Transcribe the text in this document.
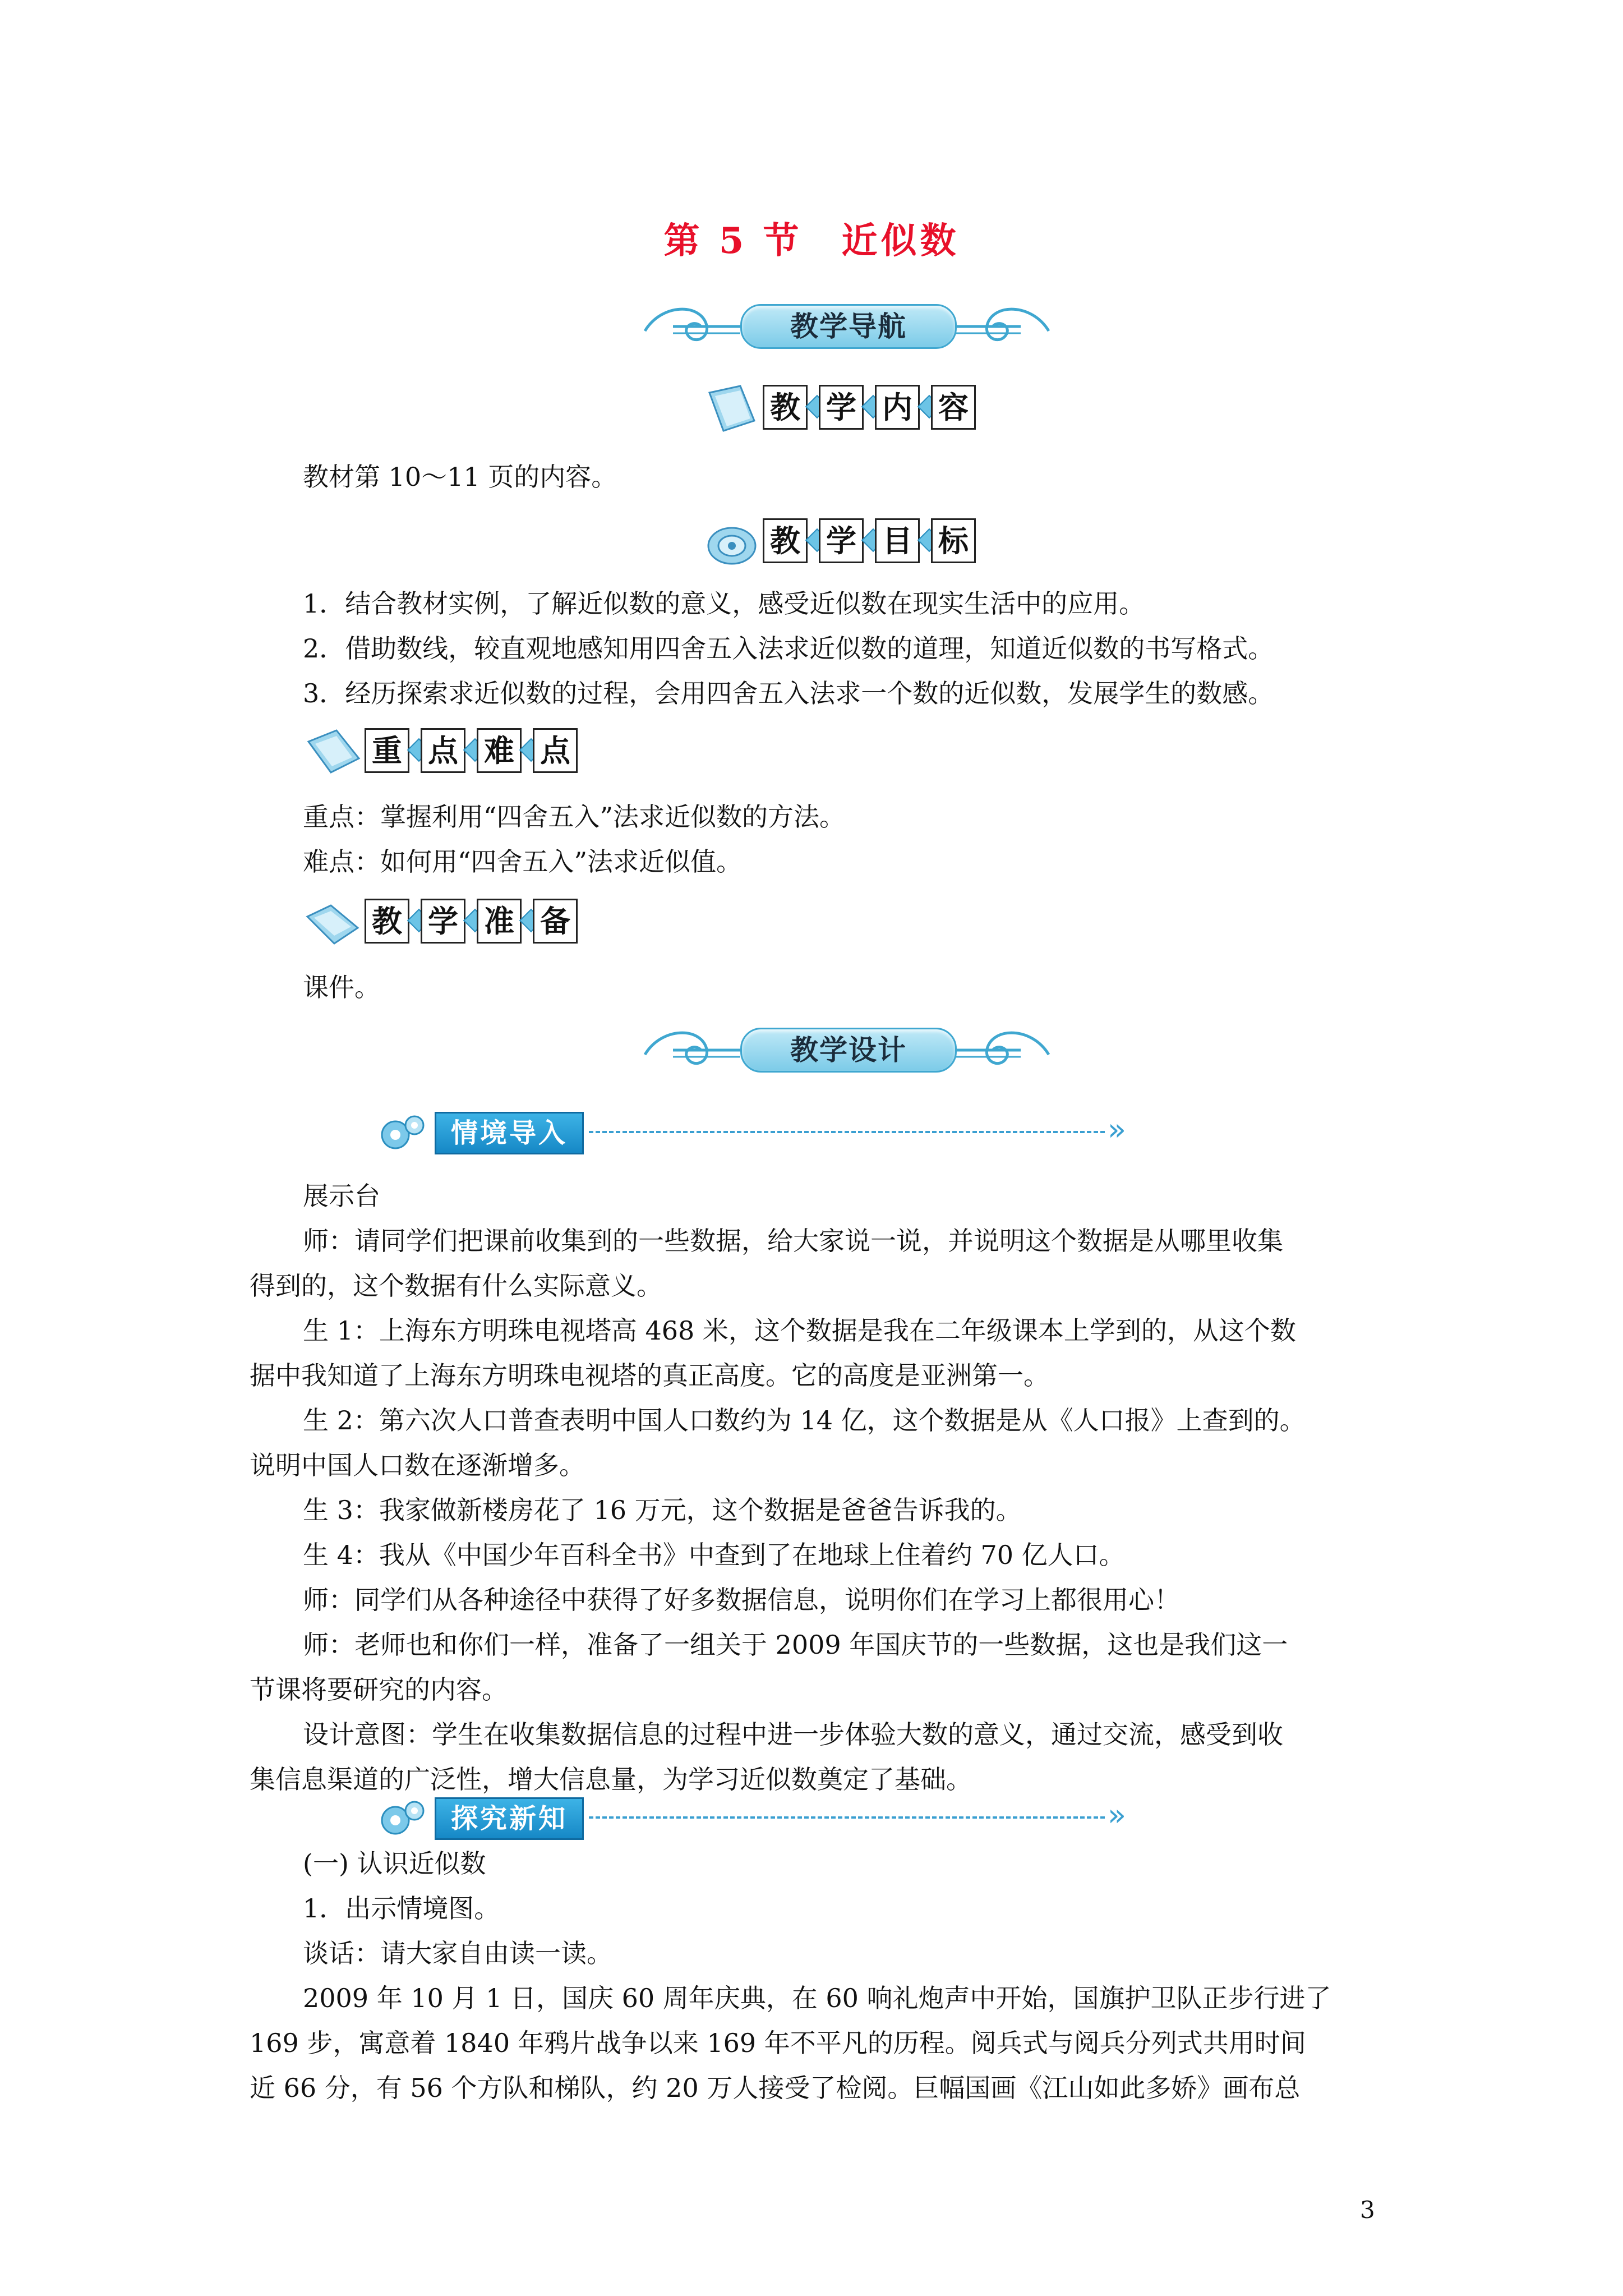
第 5 节　近似数
教学导航
教 学 内 容
教材第 10～11 页的内容。
教 学 目 标
1．结合教材实例，了解近似数的意义，感受近似数在现实生活中的应用。
2．借助数线，较直观地感知用四舍五入法求近似数的道理，知道近似数的书写格式。
3．经历探索求近似数的过程，会用四舍五入法求一个数的近似数，发展学生的数感。
重 点 难 点
重点：掌握利用“四舍五入”法求近似数的方法。
难点：如何用“四舍五入”法求近似值。
教 学 准 备
课件。
教学设计
情境导入	»
展示台
师：请同学们把课前收集到的一些数据，给大家说一说，并说明这个数据是从哪里收集
得到的，这个数据有什么实际意义。
生 1：上海东方明珠电视塔高 468 米，这个数据是我在二年级课本上学到的，从这个数
据中我知道了上海东方明珠电视塔的真正高度。它的高度是亚洲第一。
生 2：第六次人口普查表明中国人口数约为 14 亿，这个数据是从《人口报》上查到的。
说明中国人口数在逐渐增多。
生 3：我家做新楼房花了 16 万元，这个数据是爸爸告诉我的。
生 4：我从《中国少年百科全书》中查到了在地球上住着约 70 亿人口。
师：同学们从各种途径中获得了好多数据信息，说明你们在学习上都很用心！
师：老师也和你们一样，准备了一组关于 2009 年国庆节的一些数据，这也是我们这一
节课将要研究的内容。
设计意图：学生在收集数据信息的过程中进一步体验大数的意义，通过交流，感受到收
集信息渠道的广泛性，增大信息量，为学习近似数奠定了基础。
探究新知	»
(一) 认识近似数
1．出示情境图。
谈话：请大家自由读一读。
2009 年 10 月 1 日，国庆 60 周年庆典，在 60 响礼炮声中开始，国旗护卫队正步行进了
169 步，寓意着 1840 年鸦片战争以来 169 年不平凡的历程。阅兵式与阅兵分列式共用时间
近 66 分，有 56 个方队和梯队，约 20 万人接受了检阅。巨幅国画《江山如此多娇》画布总
3
